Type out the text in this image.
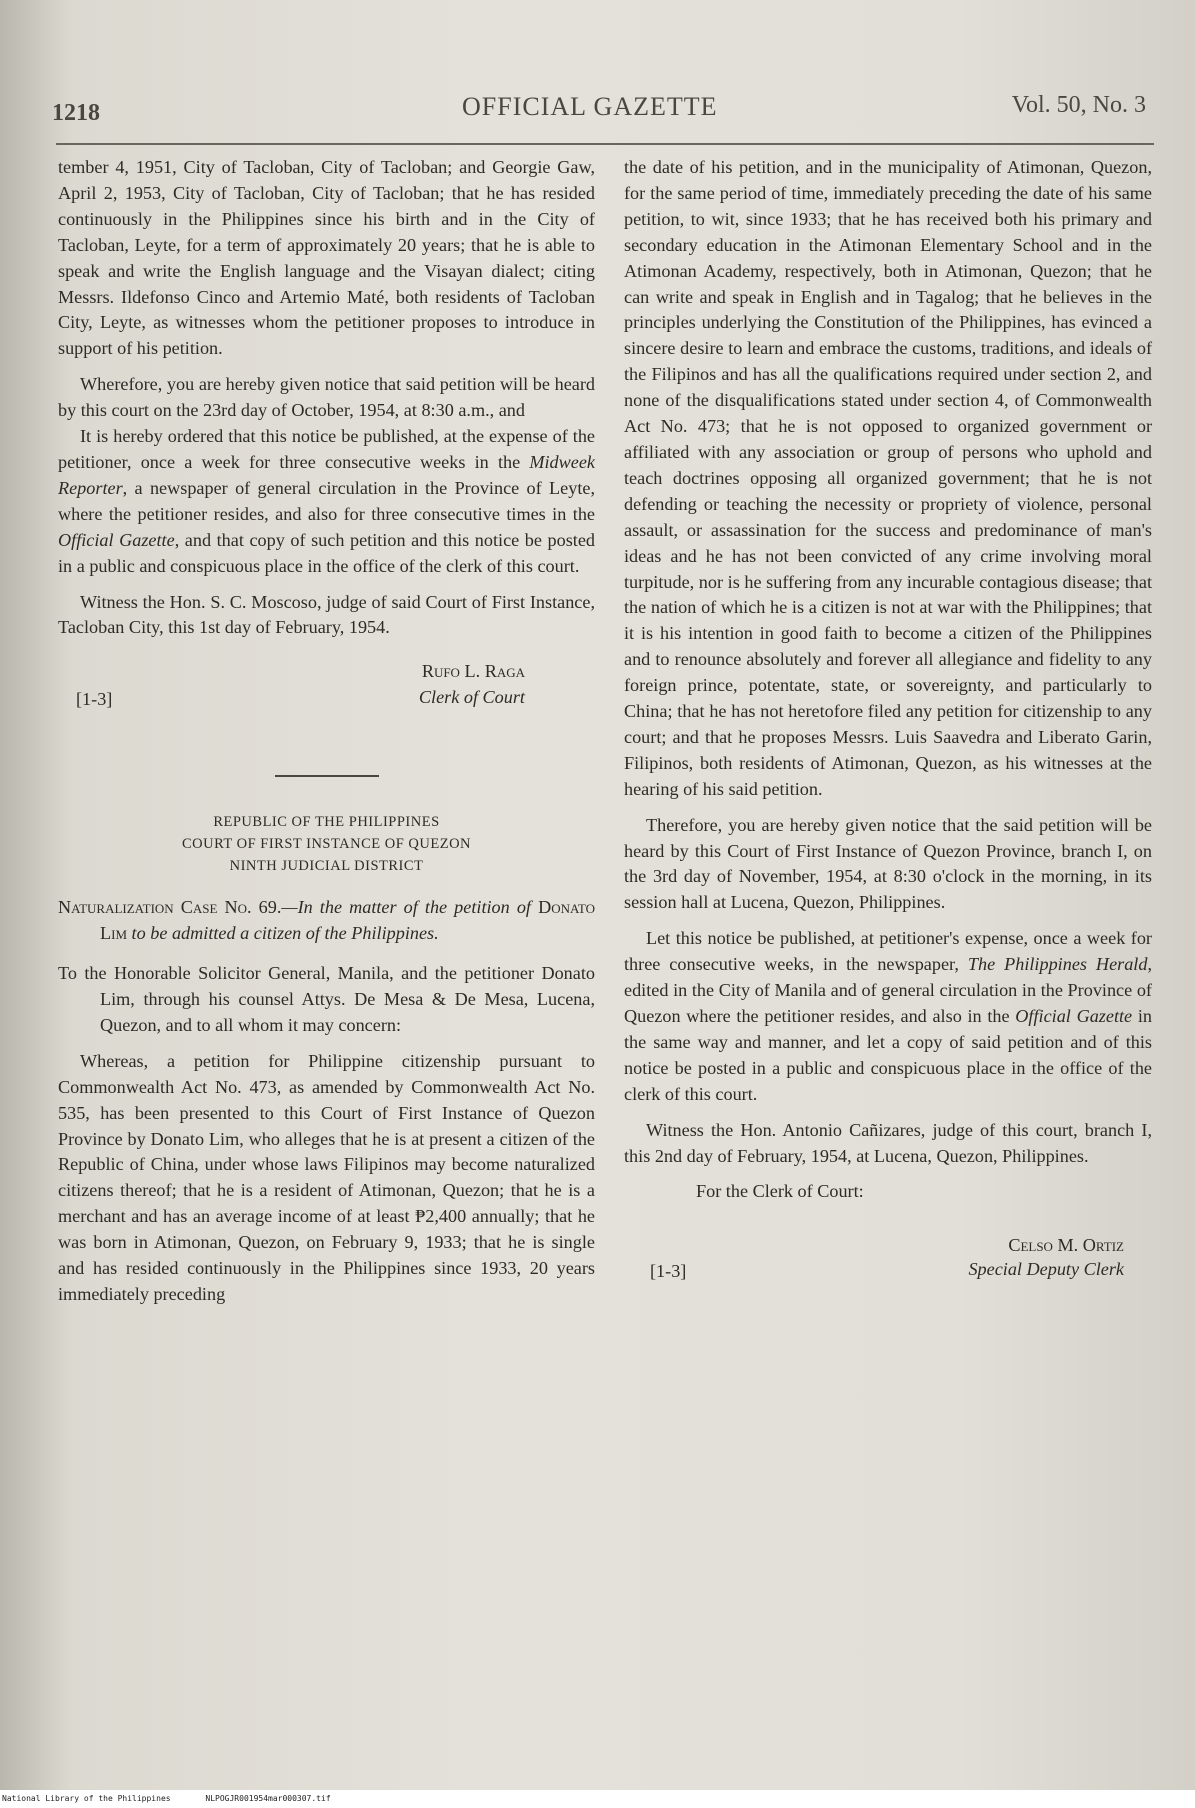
1218	OFFICIAL GAZETTE	Vol. 50, No. 3

tember 4, 1951, City of Tacloban, City of Tacloban; and Georgie Gaw, April 2, 1953, City of Tacloban, City of Tacloban; that he has resided continuously in the Philippines since his birth and in the City of Tacloban, Leyte, for a term of approximately 20 years; that he is able to speak and write the English language and the Visayan dialect; citing Messrs. Ildefonso Cinco and Artemio Maté, both residents of Tacloban City, Leyte, as witnesses whom the petitioner proposes to introduce in support of his petition.

Wherefore, you are hereby given notice that said petition will be heard by this court on the 23rd day of October, 1954, at 8:30 a.m., and

It is hereby ordered that this notice be published, at the expense of the petitioner, once a week for three consecutive weeks in the Midweek Reporter, a newspaper of general circulation in the Province of Leyte, where the petitioner resides, and also for three consecutive times in the Official Gazette, and that copy of such petition and this notice be posted in a public and conspicuous place in the office of the clerk of this court.

Witness the Hon. S. C. Moscoso, judge of said Court of First Instance, Tacloban City, this 1st day of February, 1954.

[1-3]
Rufo L. Raga
Clerk of Court
REPUBLIC OF THE PHILIPPINES
COURT OF FIRST INSTANCE OF QUEZON
NINTH JUDICIAL DISTRICT

Naturalization Case No. 69.—In the matter of the petition of Donato Lim to be admitted a citizen of the Philippines.

To the Honorable Solicitor General, Manila, and the petitioner Donato Lim, through his counsel Attys. De Mesa & De Mesa, Lucena, Quezon, and to all whom it may concern:

Whereas, a petition for Philippine citizenship pursuant to Commonwealth Act No. 473, as amended by Commonwealth Act No. 535, has been presented to this Court of First Instance of Quezon Province by Donato Lim, who alleges that he is at present a citizen of the Republic of China, under whose laws Filipinos may become naturalized citizens thereof; that he is a resident of Atimonan, Quezon; that he is a merchant and has an average income of at least ₱2,400 annually; that he was born in Atimonan, Quezon, on February 9, 1933; that he is single and has resided continuously in the Philippines since 1933, 20 years immediately preceding

the date of his petition, and in the municipality of Atimonan, Quezon, for the same period of time, immediately preceding the date of his same petition, to wit, since 1933; that he has received both his primary and secondary education in the Atimonan Elementary School and in the Atimonan Academy, respectively, both in Atimonan, Quezon; that he can write and speak in English and in Tagalog; that he believes in the principles underlying the Constitution of the Philippines, has evinced a sincere desire to learn and embrace the customs, traditions, and ideals of the Filipinos and has all the qualifications required under section 2, and none of the disqualifications stated under section 4, of Commonwealth Act No. 473; that he is not opposed to organized government or affiliated with any association or group of persons who uphold and teach doctrines opposing all organized government; that he is not defending or teaching the necessity or propriety of violence, personal assault, or assassination for the success and predominance of man's ideas and he has not been convicted of any crime involving moral turpitude, nor is he suffering from any incurable contagious disease; that the nation of which he is a citizen is not at war with the Philippines; that it is his intention in good faith to become a citizen of the Philippines and to renounce absolutely and forever all allegiance and fidelity to any foreign prince, potentate, state, or sovereignty, and particularly to China; that he has not heretofore filed any petition for citizenship to any court; and that he proposes Messrs. Luis Saavedra and Liberato Garin, Filipinos, both residents of Atimonan, Quezon, as his witnesses at the hearing of his said petition.

Therefore, you are hereby given notice that the said petition will be heard by this Court of First Instance of Quezon Province, branch I, on the 3rd day of November, 1954, at 8:30 o'clock in the morning, in its session hall at Lucena, Quezon, Philippines.

Let this notice be published, at petitioner's expense, once a week for three consecutive weeks, in the newspaper, The Philippines Herald, edited in the City of Manila and of general circulation in the Province of Quezon where the petitioner resides, and also in the Official Gazette in the same way and manner, and let a copy of said petition and of this notice be posted in a public and conspicuous place in the office of the clerk of this court.

Witness the Hon. Antonio Cañizares, judge of this court, branch I, this 2nd day of February, 1954, at Lucena, Quezon, Philippines.

For the Clerk of Court:

[1-3]
Celso M. Ortiz
Special Deputy Clerk
National Library of the Philippines	NLPOGJR001954mar000307.tif
